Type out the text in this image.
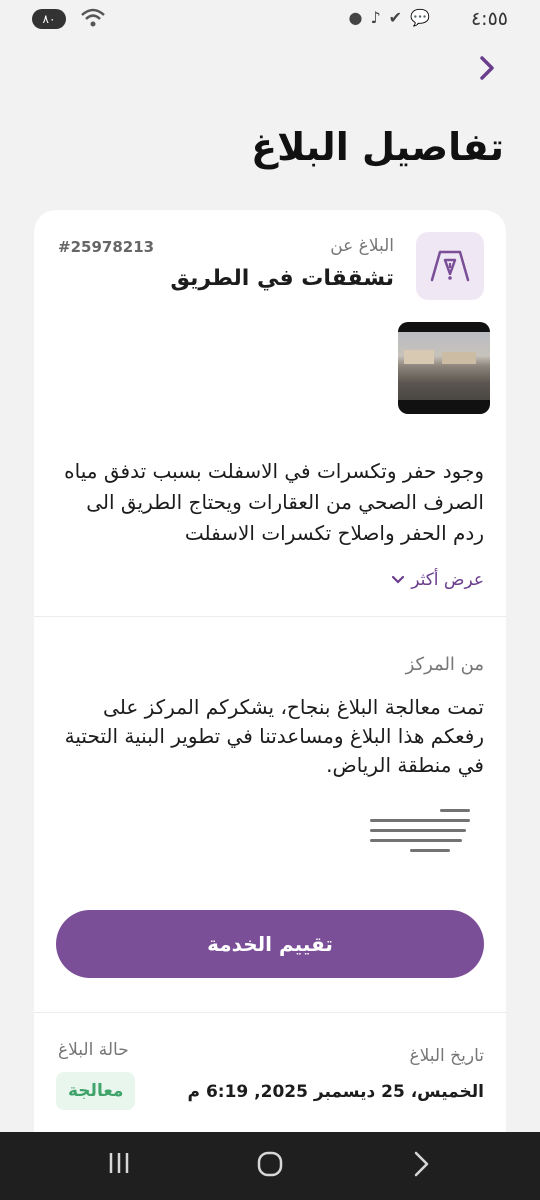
٨٠	● ♪ ✔ 💬 ٤:٥٥
تفاصيل البلاغ
البلاغ عن
تشققات في الطريق
#25978213
وجود حفر وتكسرات في الاسفلت بسبب تدفق مياه الصرف الصحي من العقارات ويحتاج الطريق الى ردم الحفر واصلاح تكسرات الاسفلت
عرض أكثر
من المركز
تمت معالجة البلاغ بنجاح، يشكركم المركز على رفعكم هذا البلاغ ومساعدتنا في تطوير البنية التحتية في منطقة الرياض.
تقييم الخدمة
تاريخ البلاغ
الخميس، 25 ديسمبر 2025, 6:19 م
حالة البلاغ
معالجة
